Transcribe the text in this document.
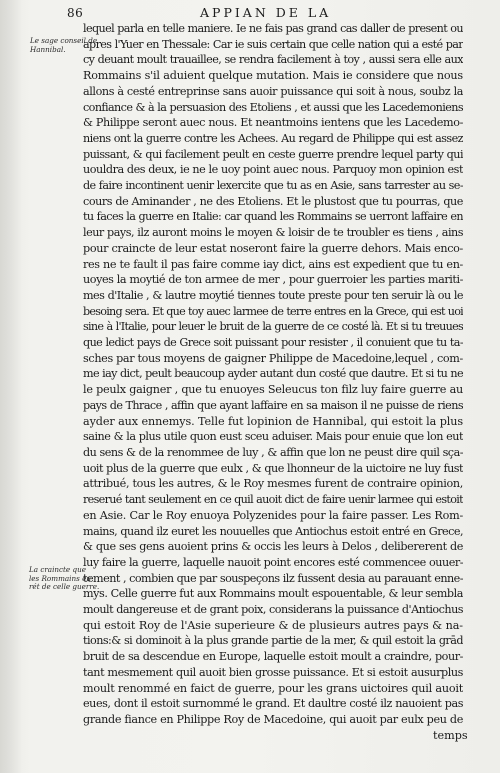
86	APPIAN DE LA
Le sage conseil de
Hannibal.
La craincte que
les Rommains eu
rét de celle guerre.
lequel parla en telle maniere. Ie ne fais pas grand cas daller de present ou
apres l'Yuer en Thessale: Car ie suis certain que celle nation qui a esté par
cy deuant moult trauaillee, se rendra facilement à toy , aussi sera elle aux
Rommains s'il aduient quelque mutation. Mais ie considere que nous
allons à cesté entreprinse sans auoir puissance qui soit à nous, soubz la
confiance & à la persuasion des Etoliens , et aussi que les Lacedemoniens
& Philippe seront auec nous. Et neantmoins ientens que les Lacedemo-
niens ont la guerre contre les Achees. Au regard de Philippe qui est assez
puissant, & qui facilement peult en ceste guerre prendre lequel party qui
uouldra des deux, ie ne le uoy point auec nous. Parquoy mon opinion est
de faire incontinent uenir lexercite que tu as en Asie, sans tarrester au se-
cours de Aminander , ne des Etoliens. Et le plustost que tu pourras, que
tu faces la guerre en Italie: car quand les Rommains se uerront laffaire en
leur pays, ilz auront moins le moyen & loisir de te troubler es tiens , ains
pour craincte de leur estat noseront faire la guerre dehors. Mais enco-
res ne te fault il pas faire comme iay dict, ains est expedient que tu en-
uoyes la moytié de ton armee de mer , pour guerroier les parties mariti-
mes d'Italie , & lautre moytié tiennes toute preste pour ten seruir là ou le
besoing sera. Et que toy auec larmee de terre entres en la Grece, qui est uoi
sine à l'Italie, pour leuer le bruit de la guerre de ce costé là. Et si tu treuues
que ledict pays de Grece soit puissant pour resister , il conuient que tu ta-
sches par tous moyens de gaigner Philippe de Macedoine,lequel , com-
me iay dict, peult beaucoup ayder autant dun costé que dautre. Et si tu ne
le peulx gaigner , que tu enuoyes Seleucus ton filz luy faire guerre au
pays de Thrace , affin que ayant laffaire en sa maison il ne puisse de riens
ayder aux ennemys. Telle fut lopinion de Hannibal, qui estoit la plus
saine & la plus utile quon eust sceu aduiser. Mais pour enuie que lon eut
du sens & de la renommee de luy , & affin que lon ne peust dire quil sça-
uoit plus de la guerre que eulx , & que lhonneur de la uictoire ne luy fust
attribué, tous les autres, & le Roy mesmes furent de contraire opinion,
reserué tant seulement en ce quil auoit dict de faire uenir larmee qui estoit
en Asie. Car le Roy enuoya Polyzenides pour la faire passer. Les Rom-
mains, quand ilz euret les nouuelles que Antiochus estoit entré en Grece,
& que ses gens auoient prins & occis les leurs à Delos , delibererent de
luy faire la guerre, laquelle nauoit point encores esté commencee ouuer-
tement , combien que par souspeçons ilz fussent desia au parauant enne-
mys. Celle guerre fut aux Rommains moult espouentable, & leur sembla
moult dangereuse et de grant poix, considerans la puissance d'Antiochus
qui estoit Roy de l'Asie superieure & de plusieurs autres pays & na-
tions:& si dominoit à la plus grande partie de la mer, & quil estoit la grād
bruit de sa descendue en Europe, laquelle estoit moult a craindre, pour-
tant mesmement quil auoit bien grosse puissance. Et si estoit ausurplus
moult renommé en faict de guerre, pour les grans uictoires quil auoit
eues, dont il estoit surnommé le grand. Et daultre costé ilz nauoient pas
grande fiance en Philippe Roy de Macedoine, qui auoit par eulx peu de
temps
